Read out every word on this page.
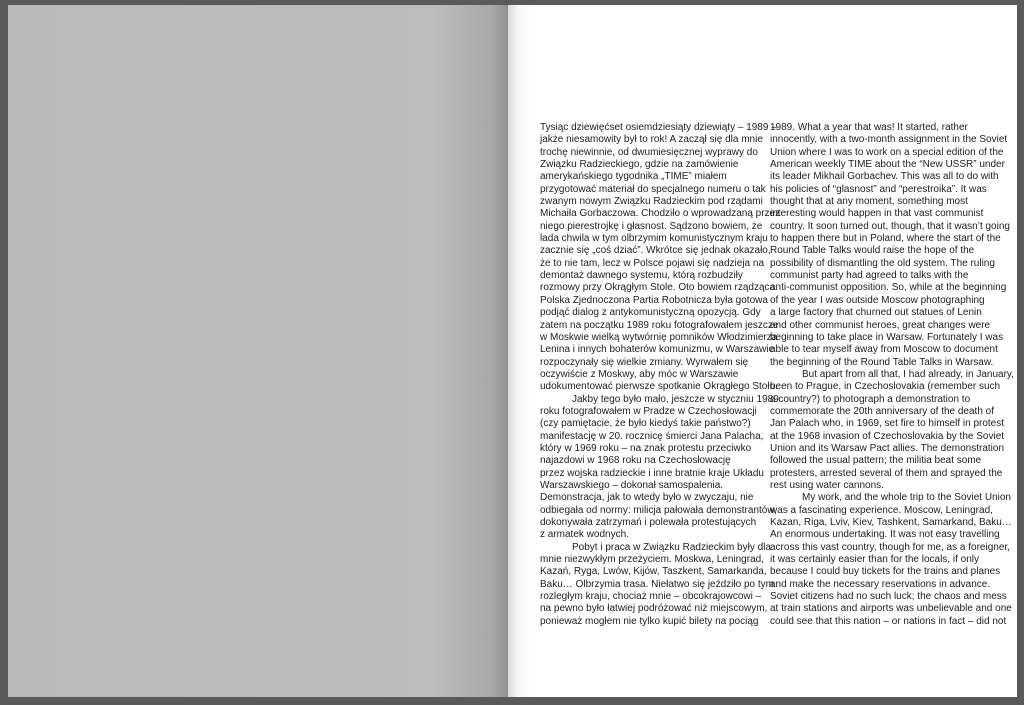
Tysiąc dziewięćset osiemdziesiąty dziewiąty – 1989 –
jakże niesamowity był to rok! A zaczął się dla mnie
trochę niewinnie, od dwumiesięcznej wyprawy do
Związku Radzieckiego, gdzie na zamówienie
amerykańskiego tygodnika „TIME” miałem
przygotować materiał do specjalnego numeru o tak
zwanym nowym Związku Radzieckim pod rządami
Michaiła Gorbaczowa. Chodziło o wprowadzaną przez
niego pierestrojkę i głasnost. Sądzono bowiem, że
lada chwila w tym olbrzymim komunistycznym kraju
zacznie się „coś dziać”. Wkrótce się jednak okazało,
że to nie tam, lecz w Polsce pojawi się nadzieja na
demontaż dawnego systemu, którą rozbudziły
rozmowy przy Okrągłym Stole. Oto bowiem rządząca
Polska Zjednoczona Partia Robotnicza była gotowa
podjąć dialog z antykomunistyczną opozycją. Gdy
zatem na początku 1989 roku fotografowałem jeszcze
w Moskwie wielką wytwórnię pomników Włodzimierza
Lenina i innych bohaterów komunizmu, w Warszawie
rozpoczynały się wielkie zmiany. Wyrwałem się
oczywiście z Moskwy, aby móc w Warszawie
udokumentować pierwsze spotkanie Okrągłego Stołu.
Jakby tego było mało, jeszcze w styczniu 1989
roku fotografowałem w Pradze w Czechosłowacji
(czy pamiętacie, że było kiedyś takie państwo?)
manifestację w 20. rocznicę śmierci Jana Palacha,
który w 1969 roku – na znak protestu przeciwko
najazdowi w 1968 roku na Czechosłowację
przez wojska radzieckie i inne bratnie kraje Układu
Warszawskiego – dokonał samospalenia.
Demonstracja, jak to wtedy było w zwyczaju, nie
odbiegała od normy: milicja pałowała demonstrantów,
dokonywała zatrzymań i polewała protestujących
z armatek wodnych.
Pobyt i praca w Związku Radzieckim były dla
mnie niezwykłym przeżyciem. Moskwa, Leningrad,
Kazań, Ryga, Lwów, Kijów, Taszkent, Samarkanda,
Baku… Olbrzymia trasa. Niełatwo się jeździło po tym
rozległym kraju, chociaż mnie – obcokrajowcowi –
na pewno było łatwiej podróżować niż miejscowym,
ponieważ mogłem nie tylko kupić bilety na pociąg
1989. What a year that was! It started, rather
innocently, with a two-month assignment in the Soviet
Union where I was to work on a special edition of the
American weekly TIME about the “New USSR” under
its leader Mikhail Gorbachev. This was all to do with
his policies of “glasnost” and “perestroika”. It was
thought that at any moment, something most
interesting would happen in that vast communist
country. It soon turned out, though, that it wasn’t going
to happen there but in Poland, where the start of the
Round Table Talks would raise the hope of the
possibility of dismantling the old system. The ruling
communist party had agreed to talks with the
anti-communist opposition. So, while at the beginning
of the year I was outside Moscow photographing
a large factory that churned out statues of Lenin
and other communist heroes, great changes were
beginning to take place in Warsaw. Fortunately I was
able to tear myself away from Moscow to document
the beginning of the Round Table Talks in Warsaw.
But apart from all that, I had already, in January,
been to Prague, in Czechoslovakia (remember such
a country?) to photograph a demonstration to
commemorate the 20th anniversary of the death of
Jan Palach who, in 1969, set fire to himself in protest
at the 1968 invasion of Czechoslovakia by the Soviet
Union and its Warsaw Pact allies. The demonstration
followed the usual pattern; the militia beat some
protesters, arrested several of them and sprayed the
rest using water cannons.
My work, and the whole trip to the Soviet Union
was a fascinating experience. Moscow, Leningrad,
Kazan, Riga, Lviv, Kiev, Tashkent, Samarkand, Baku…
An enormous undertaking. It was not easy travelling
across this vast country, though for me, as a foreigner,
it was certainly easier than for the locals, if only
because I could buy tickets for the trains and planes
and make the necessary reservations in advance.
Soviet citizens had no such luck; the chaos and mess
at train stations and airports was unbelievable and one
could see that this nation – or nations in fact – did not
